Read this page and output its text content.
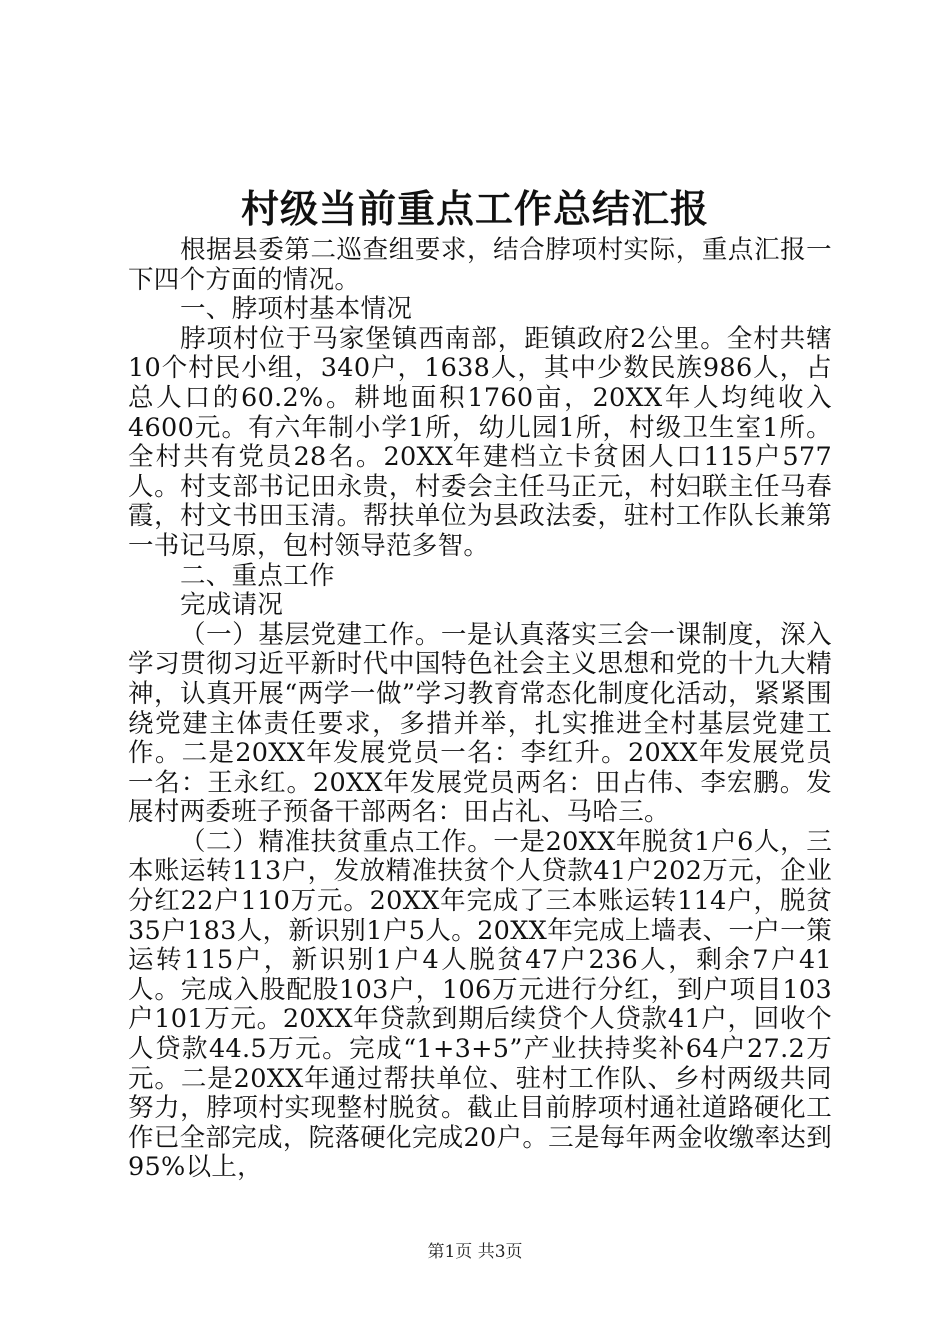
村级当前重点工作总结汇报

根据县委第二巡查组要求，结合脖项村实际，重点汇报一下四个方面的情况。

一、脖项村基本情况

脖项村位于马家堡镇西南部，距镇政府2公里。全村共辖10个村民小组，340户，1638人，其中少数民族986人，占总人口的60.2%。耕地面积1760亩，20XX年人均纯收入4600元。有六年制小学1所，幼儿园1所，村级卫生室1所。全村共有党员28名。20XX年建档立卡贫困人口115户577人。村支部书记田永贵，村委会主任马正元，村妇联主任马春霞，村文书田玉清。帮扶单位为县政法委，驻村工作队长兼第一书记马原，包村领导范多智。

二、重点工作

完成请况

（一）基层党建工作。一是认真落实三会一课制度，深入学习贯彻习近平新时代中国特色社会主义思想和党的十九大精神，认真开展“两学一做”学习教育常态化制度化活动，紧紧围绕党建主体责任要求，多措并举，扎实推进全村基层党建工作。二是20XX年发展党员一名：李红升。20XX年发展党员一名：王永红。20XX年发展党员两名：田占伟、李宏鹏。发展村两委班子预备干部两名：田占礼、马哈三。

（二）精准扶贫重点工作。一是20XX年脱贫1户6人，三本账运转113户，发放精准扶贫个人贷款41户202万元，企业分红22户110万元。20XX年完成了三本账运转114户，脱贫35户183人，新识别1户5人。20XX年完成上墙表、一户一策运转115户，新识别1户4人脱贫47户236人，剩余7户41人。完成入股配股103户，106万元进行分红，到户项目103户101万元。20XX年贷款到期后续贷个人贷款41户，回收个人贷款44.5万元。完成“1+3+5”产业扶持奖补64户27.2万元。二是20XX年通过帮扶单位、驻村工作队、乡村两级共同努力，脖项村实现整村脱贫。截止目前脖项村通社道路硬化工作已全部完成，院落硬化完成20户。三是每年两金收缴率达到95%以上，

第1页 共3页
